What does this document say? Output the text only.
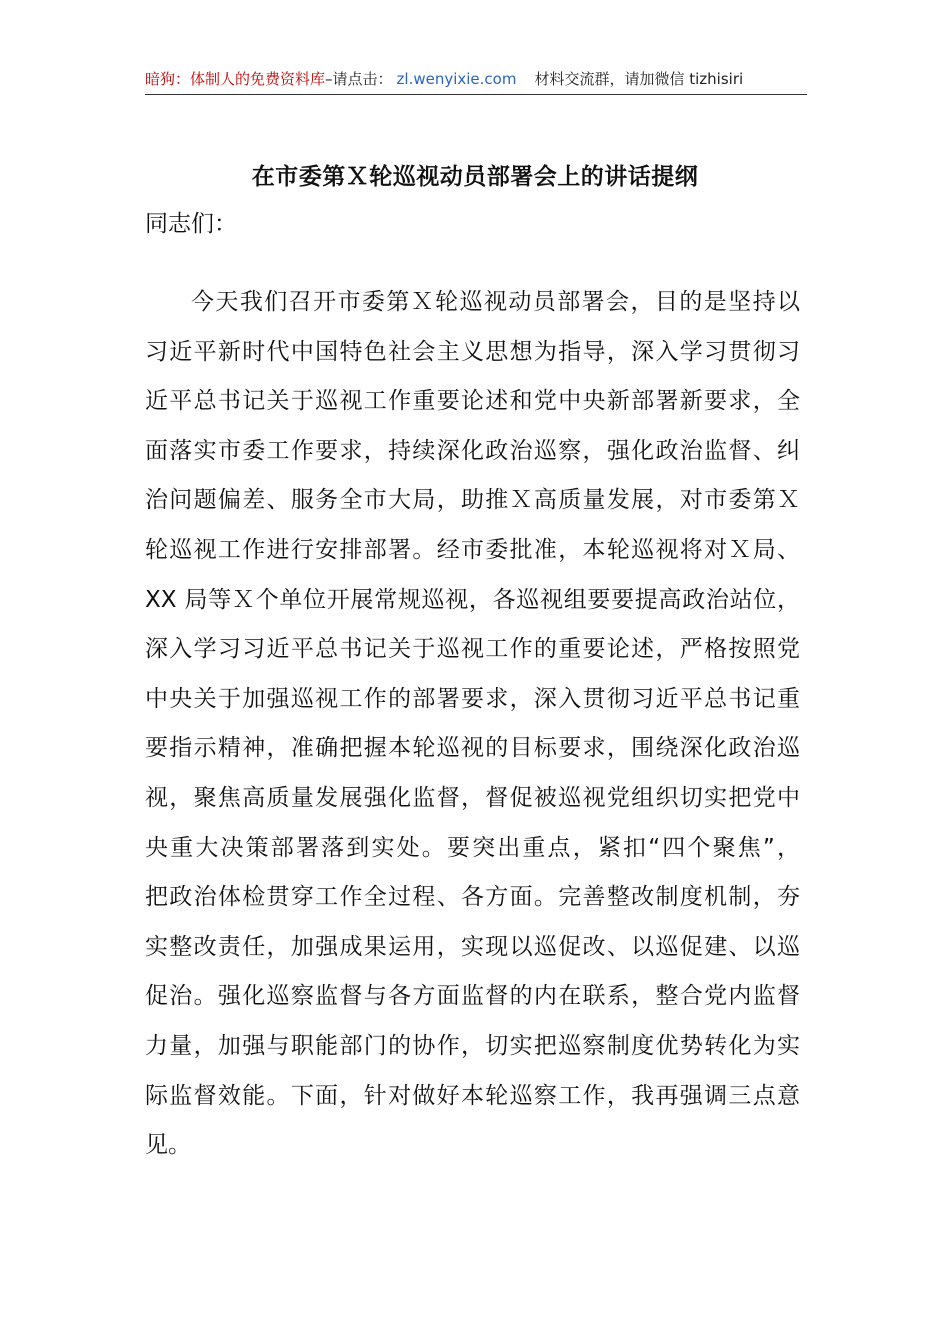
暗狗：体制人的免费资料库–请点击： zl.wenyixie.com 材料交流群，请加微信 tizhisiri
在市委第Ｘ轮巡视动员部署会上的讲话提纲
同志们：
今天我们召开市委第Ｘ轮巡视动员部署会，目的是坚持以
习近平新时代中国特色社会主义思想为指导，深入学习贯彻习
近平总书记关于巡视工作重要论述和党中央新部署新要求，全
面落实市委工作要求，持续深化政治巡察，强化政治监督、纠
治问题偏差、服务全市大局，助推Ｘ高质量发展，对市委第Ｘ
轮巡视工作进行安排部署。经市委批准，本轮巡视将对Ｘ局、
XX 局等Ｘ个单位开展常规巡视，各巡视组要要提高政治站位，
深入学习习近平总书记关于巡视工作的重要论述，严格按照党
中央关于加强巡视工作的部署要求，深入贯彻习近平总书记重
要指示精神，准确把握本轮巡视的目标要求，围绕深化政治巡
视，聚焦高质量发展强化监督，督促被巡视党组织切实把党中
央重大决策部署落到实处。要突出重点，紧扣“四个聚焦”，
把政治体检贯穿工作全过程、各方面。完善整改制度机制，夯
实整改责任，加强成果运用，实现以巡促改、以巡促建、以巡
促治。强化巡察监督与各方面监督的内在联系，整合党内监督
力量，加强与职能部门的协作，切实把巡察制度优势转化为实
际监督效能。下面，针对做好本轮巡察工作，我再强调三点意
见。
